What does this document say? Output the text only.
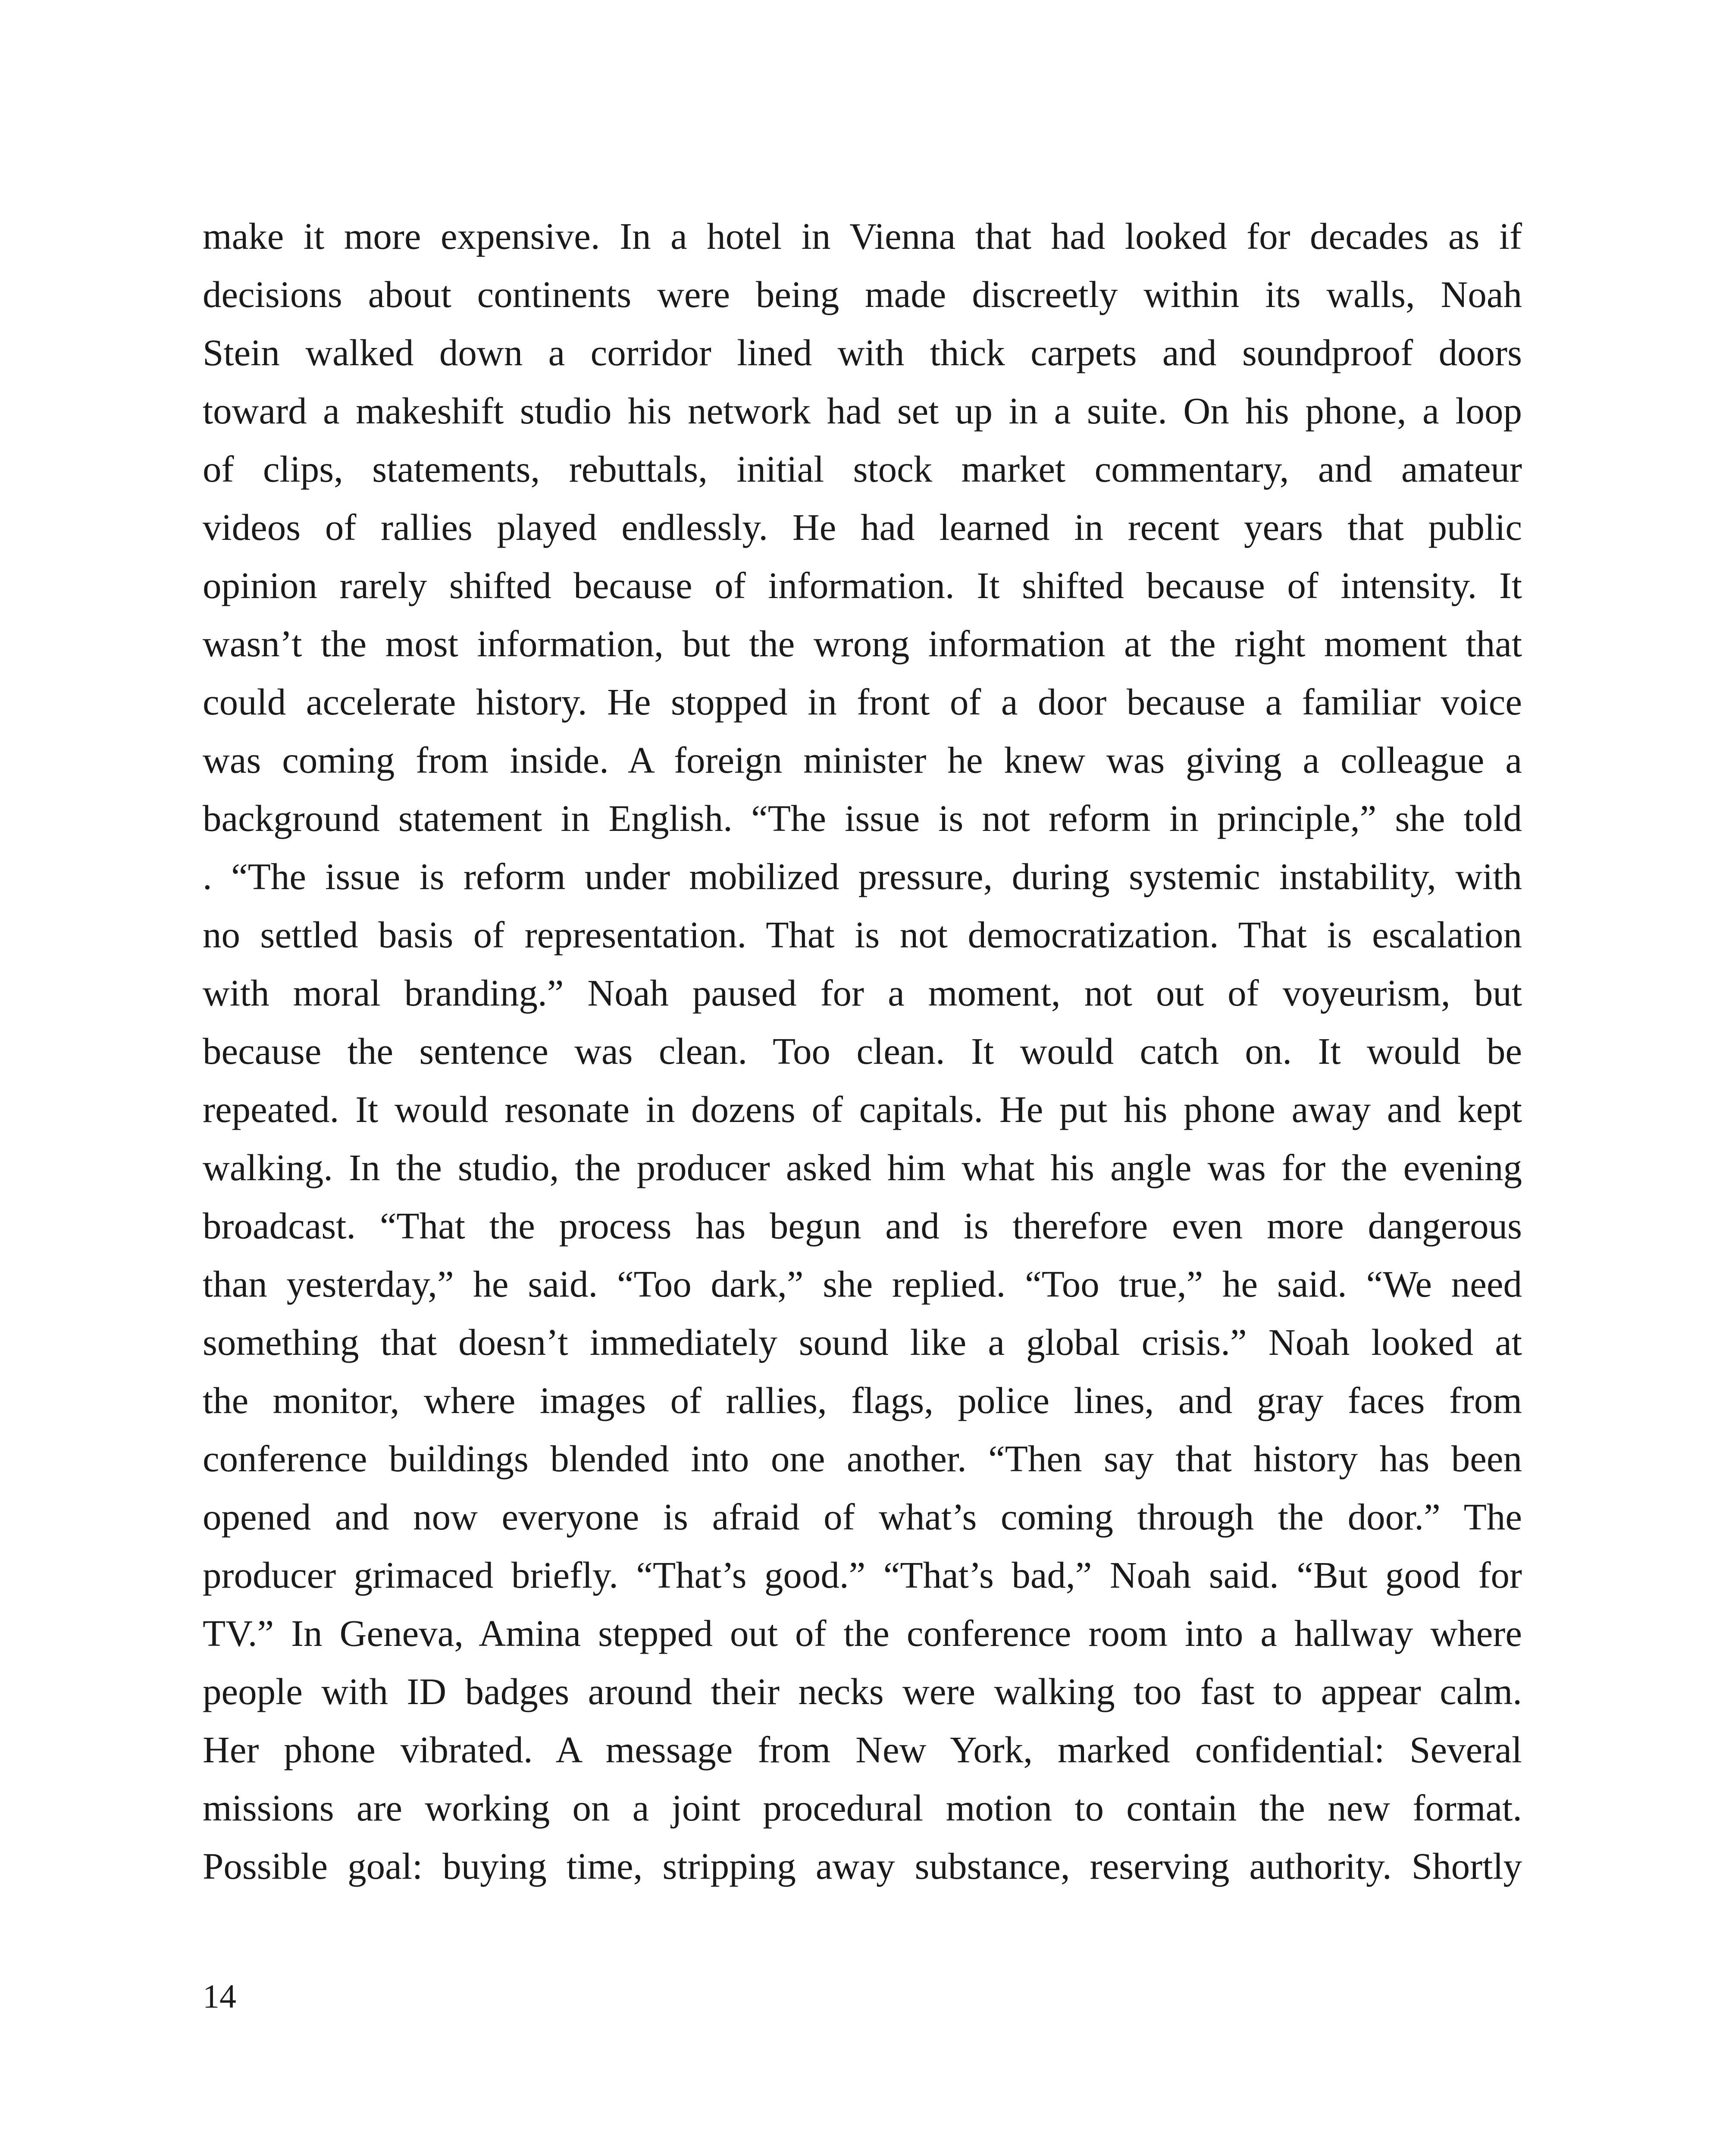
make it more expensive. In a hotel in Vienna that had looked for decades as if
decisions about continents were being made discreetly within its walls, Noah
Stein walked down a corridor lined with thick carpets and soundproof doors
toward a makeshift studio his network had set up in a suite. On his phone, a loop
of clips, statements, rebuttals, initial stock market commentary, and amateur
videos of rallies played endlessly. He had learned in recent years that public
opinion rarely shifted because of information. It shifted because of intensity. It
wasn’t the most information, but the wrong information at the right moment that
could accelerate history. He stopped in front of a door because a familiar voice
was coming from inside. A foreign minister he knew was giving a colleague a
background statement in English. “The issue is not reform in principle,” she told
. “The issue is reform under mobilized pressure, during systemic instability, with
no settled basis of representation. That is not democratization. That is escalation
with moral branding.” Noah paused for a moment, not out of voyeurism, but
because the sentence was clean. Too clean. It would catch on. It would be
repeated. It would resonate in dozens of capitals. He put his phone away and kept
walking. In the studio, the producer asked him what his angle was for the evening
broadcast. “That the process has begun and is therefore even more dangerous
than yesterday,” he said. “Too dark,” she replied. “Too true,” he said. “We need
something that doesn’t immediately sound like a global crisis.” Noah looked at
the monitor, where images of rallies, flags, police lines, and gray faces from
conference buildings blended into one another. “Then say that history has been
opened and now everyone is afraid of what’s coming through the door.” The
producer grimaced briefly. “That’s good.” “That’s bad,” Noah said. “But good for
TV.” In Geneva, Amina stepped out of the conference room into a hallway where
people with ID badges around their necks were walking too fast to appear calm.
Her phone vibrated. A message from New York, marked confidential: Several
missions are working on a joint procedural motion to contain the new format.
Possible goal: buying time, stripping away substance, reserving authority. Shortly
14
